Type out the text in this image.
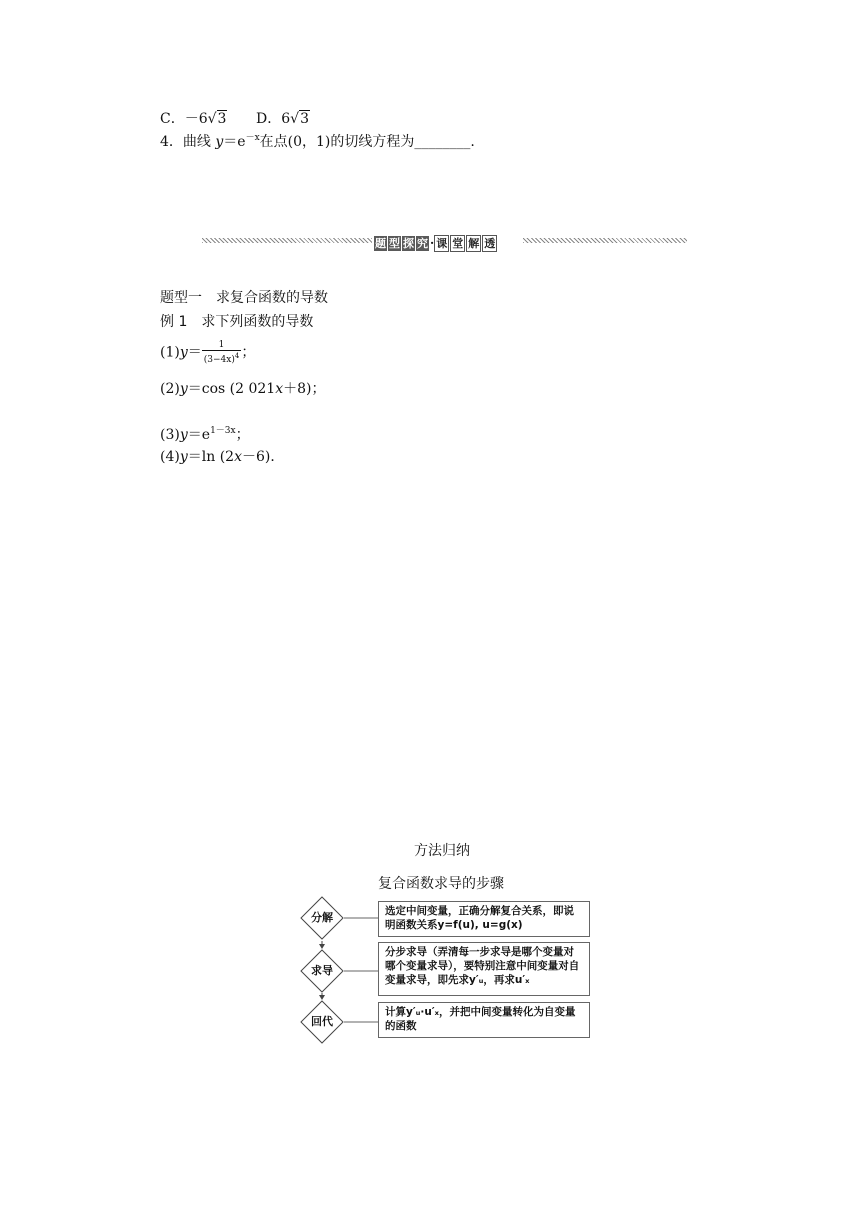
C．－6√3 D．6√3
4．曲线 $y=e^{-x}$在点(0，1)的切线方程为________.
题 型 探 究 · 课 堂 解 透
题型一　求复合函数的导数
例 1　求下列函数的导数
$(1)y= \frac{1}{(3-4x)^4}$ ；
(2)y＝cos (2 021x＋8)；
$(3)y=e^{1-3x}$；
(4)y＝ln (2x－6)．
方法归纳
复合函数求导的步骤
分解
求导
回代
选定中间变量，正确分解复合关系，即说明函数关系y=f(u), u=g(x)
分步求导（弄清每一步求导是哪个变量对哪个变量求导），要特别注意中间变量对自变量求导，即先求y′ᵤ，再求u′ₓ
计算y′ᵤ·u′ₓ，并把中间变量转化为自变量的函数
